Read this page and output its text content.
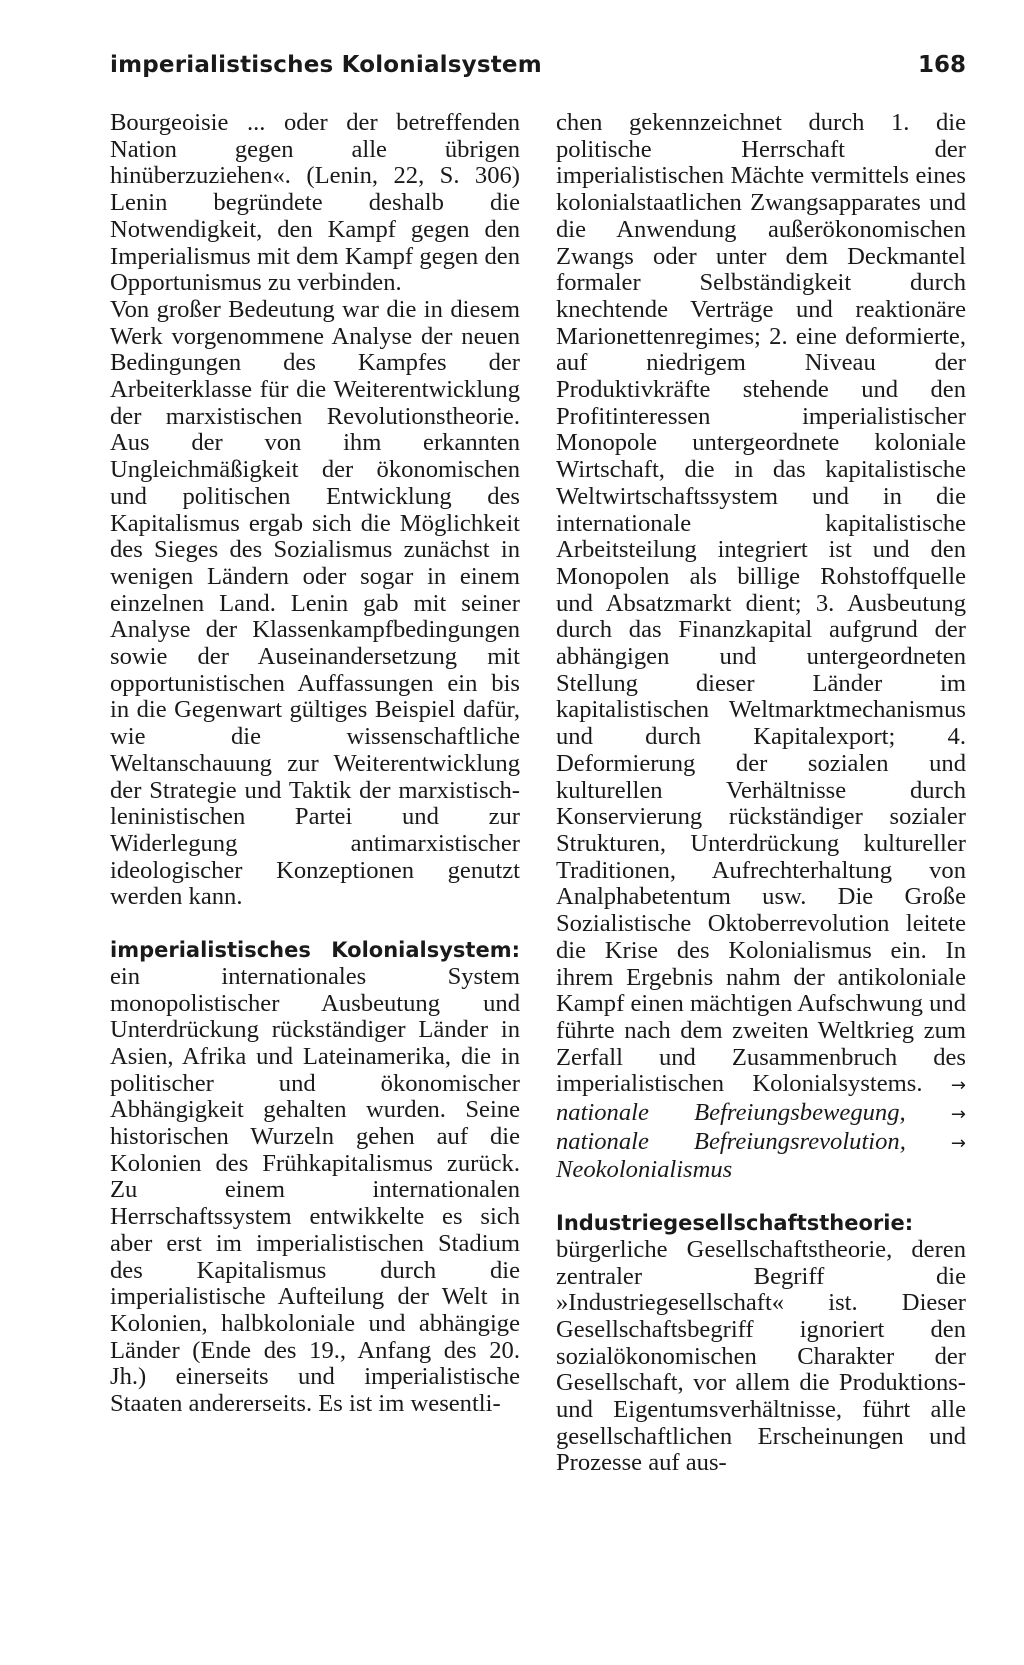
imperialistisches Kolonialsystem	168

Bourgeoisie ... oder der betreffenden Nation gegen alle übrigen hinüberzuziehen«. (Lenin, 22, S. 306) Lenin begründete deshalb die Notwendigkeit, den Kampf gegen den Imperialismus mit dem Kampf gegen den Opportunismus zu verbinden.

Von großer Bedeutung war die in diesem Werk vorgenommene Analyse der neuen Bedingungen des Kampfes der Arbeiterklasse für die Weiterentwicklung der marxistischen Revolutionstheorie. Aus der von ihm erkannten Ungleichmäßigkeit der ökonomischen und politischen Entwicklung des Kapitalismus ergab sich die Möglichkeit des Sieges des Sozialismus zunächst in wenigen Ländern oder sogar in einem einzelnen Land. Lenin gab mit seiner Analyse der Klassenkampfbedingungen sowie der Auseinandersetzung mit opportunistischen Auffassungen ein bis in die Gegenwart gültiges Beispiel dafür, wie die wissenschaftliche Weltanschauung zur Weiterentwicklung der Strategie und Taktik der marxistisch-leninistischen Partei und zur Widerlegung antimarxistischer ideologischer Konzeptionen genutzt werden kann.

imperialistisches Kolonialsystem: ein internationales System monopolistischer Ausbeutung und Unterdrückung rückständiger Länder in Asien, Afrika und Lateinamerika, die in politischer und ökonomischer Abhängigkeit gehalten wurden. Seine historischen Wurzeln gehen auf die Kolonien des Frühkapitalismus zurück. Zu einem internationalen Herrschaftssystem entwikkelte es sich aber erst im imperialistischen Stadium des Kapitalismus durch die imperialistische Aufteilung der Welt in Kolonien, halbkoloniale und abhängige Länder (Ende des 19., Anfang des 20. Jh.) einerseits und imperialistische Staaten andererseits. Es ist im wesentli-

chen gekennzeichnet durch 1. die politische Herrschaft der imperialistischen Mächte vermittels eines kolonialstaatlichen Zwangsapparates und die Anwendung außerökonomischen Zwangs oder unter dem Deckmantel formaler Selbständigkeit durch knechtende Verträge und reaktionäre Marionettenregimes; 2. eine deformierte, auf niedrigem Niveau der Produktivkräfte stehende und den Profitinteressen imperialistischer Monopole untergeordnete koloniale Wirtschaft, die in das kapitalistische Weltwirtschaftssystem und in die internationale kapitalistische Arbeitsteilung integriert ist und den Monopolen als billige Rohstoffquelle und Absatzmarkt dient; 3. Ausbeutung durch das Finanzkapital aufgrund der abhängigen und untergeordneten Stellung dieser Länder im kapitalistischen Weltmarktmechanismus und durch Kapitalexport; 4. Deformierung der sozialen und kulturellen Verhältnisse durch Konservierung rückständiger sozialer Strukturen, Unterdrückung kultureller Traditionen, Aufrechterhaltung von Analphabetentum usw. Die Große Sozialistische Oktoberrevolution leitete die Krise des Kolonialismus ein. In ihrem Ergebnis nahm der antikoloniale Kampf einen mächtigen Aufschwung und führte nach dem zweiten Weltkrieg zum Zerfall und Zusammenbruch des imperialistischen Kolonialsystems. → nationale Befreiungsbewegung,	→ nationale Befreiungsrevolution,	→ Neokolonialismus

Industriegesellschaftstheorie: bürgerliche Gesellschaftstheorie, deren zentraler Begriff die »Industriegesellschaft« ist. Dieser Gesellschaftsbegriff ignoriert den sozialökonomischen Charakter der Gesellschaft, vor allem die Produktions- und Eigentumsverhältnisse, führt alle gesellschaftlichen Erscheinungen und Prozesse auf aus-
